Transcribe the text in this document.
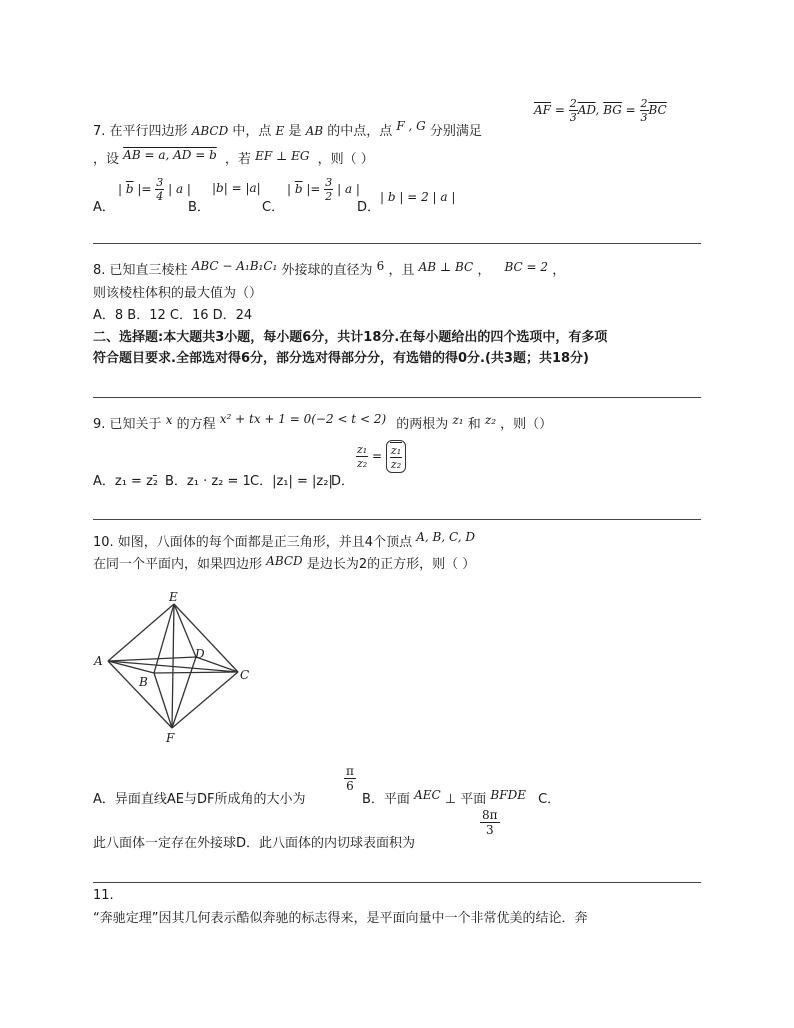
7. 在平行四边形 ABCD 中，点 E 是 AB 的中点，点 F , G 分别满足
$\overline{AF} = \frac{2}{3} \overline{AD}$, $\overline{BG} = \frac{2}{3} \overline{BC}$
，设 AB = a, AD = b ，若 EF ⊥ EG ，则（ ）
A．
| $\overline{b}$ |= $\frac{3}{4}$ | a |
B．
|b| = |a|
C．
| $\overline{b}$ |= $\frac{3}{2}$ | a |
D．
| b | = 2 | a |
8. 已知直三棱柱 ABC − A₁B₁C₁ 外接球的直径为 6 ，且 AB ⊥ BC ， BC = 2 ，
则该棱柱体积的最大值为（）
A．8 B．12 C．16 D．24
二、选择题:本大题共3小题，每小题6分，共计18分.在每小题给出的四个选项中，有多项
符合题目要求.全部选对得6分，部分选对得部分分，有选错的得0分.(共3题；共18分)
9. 已知关于 x 的方程 x² + tx + 1 = 0(−2 < t < 2) 的两根为 z₁ 和 z₂ ，则（）
A．z₁ = z₂̄ B．z₁ · z₂ = 1 C．|z₁| = |z₂|
D．
$\frac{\text{z₁}}{\text{z₂}} = \frac{\text{z₁}}{\text{z₂}}$
10. 如图，八面体的每个面都是正三角形，并且4个顶点 A, B, C, D
在同一个平面内，如果四边形 ABCD 是边长为2的正方形，则（ ）
E
A	D
B	C
F
A．异面直线AE与DF所成角的大小为
π
6
B．平面 AEC ⊥ 平面 BFDE C．
此八面体一定存在外接球D．此八面体的内切球表面积为
8π
3
11.
“奔驰定理”因其几何表示酷似奔驰的标志得来，是平面向量中一个非常优美的结论．奔
